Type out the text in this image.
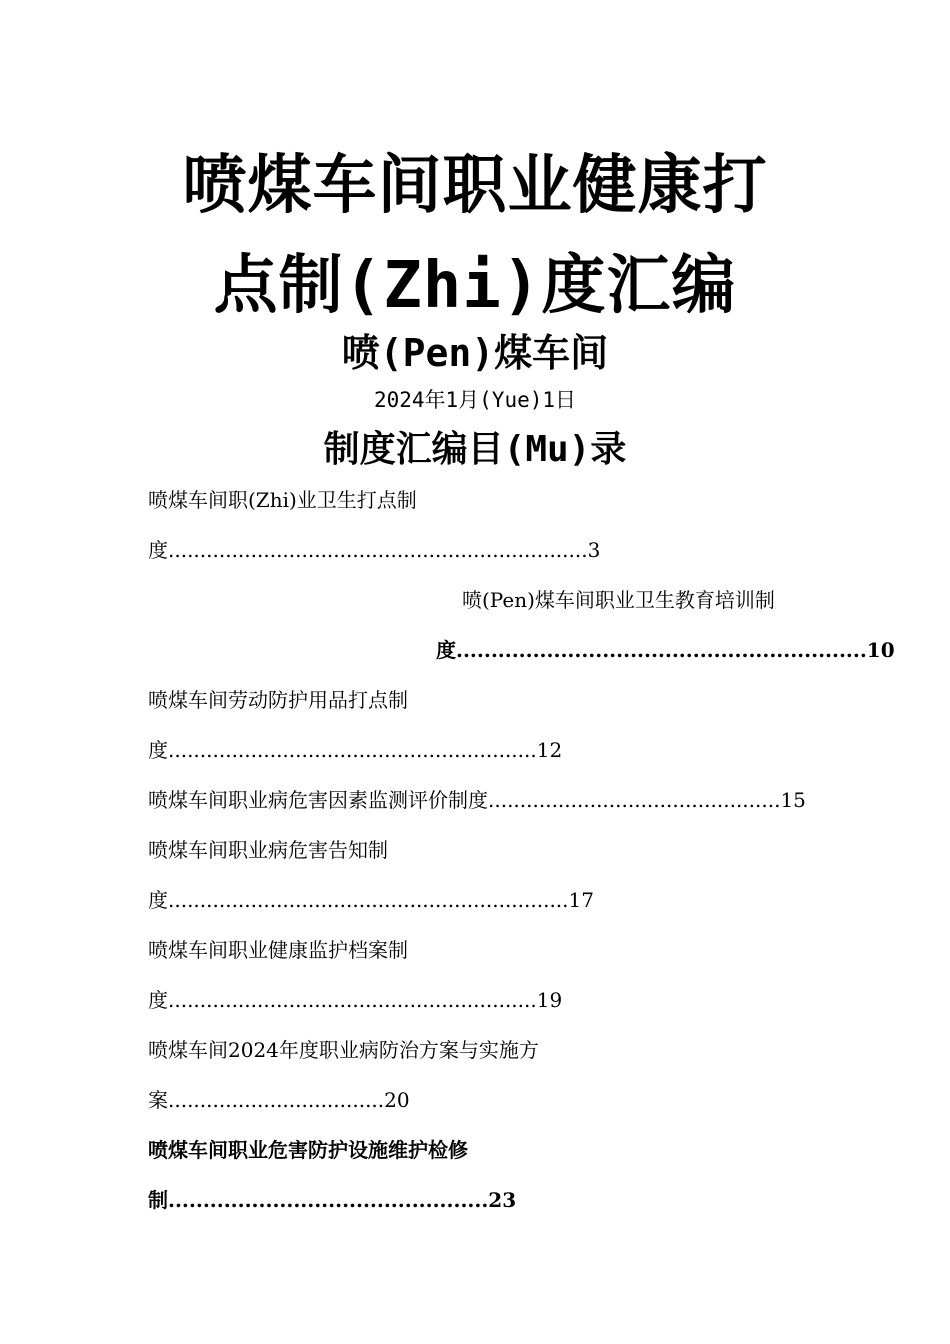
喷煤车间职业健康打
点制(Zhi)度汇编
喷(Pen)煤车间
2024年1月(Yue)1日
制度汇编目(Mu)录
喷煤车间职(Zhi)业卫生打点制
度..................................................................3
喷(Pen)煤车间职业卫生教育培训制
度...........................................................10
喷煤车间劳动防护用品打点制
度..........................................................12
喷煤车间职业病危害因素监测评价制度..............................................15
喷煤车间职业病危害告知制
度...............................................................17
喷煤车间职业健康监护档案制
度..........................................................19
喷煤车间2024年度职业病防治方案与实施方
案..................................20
喷煤车间职业危害防护设施维护检修
制..............................................23
